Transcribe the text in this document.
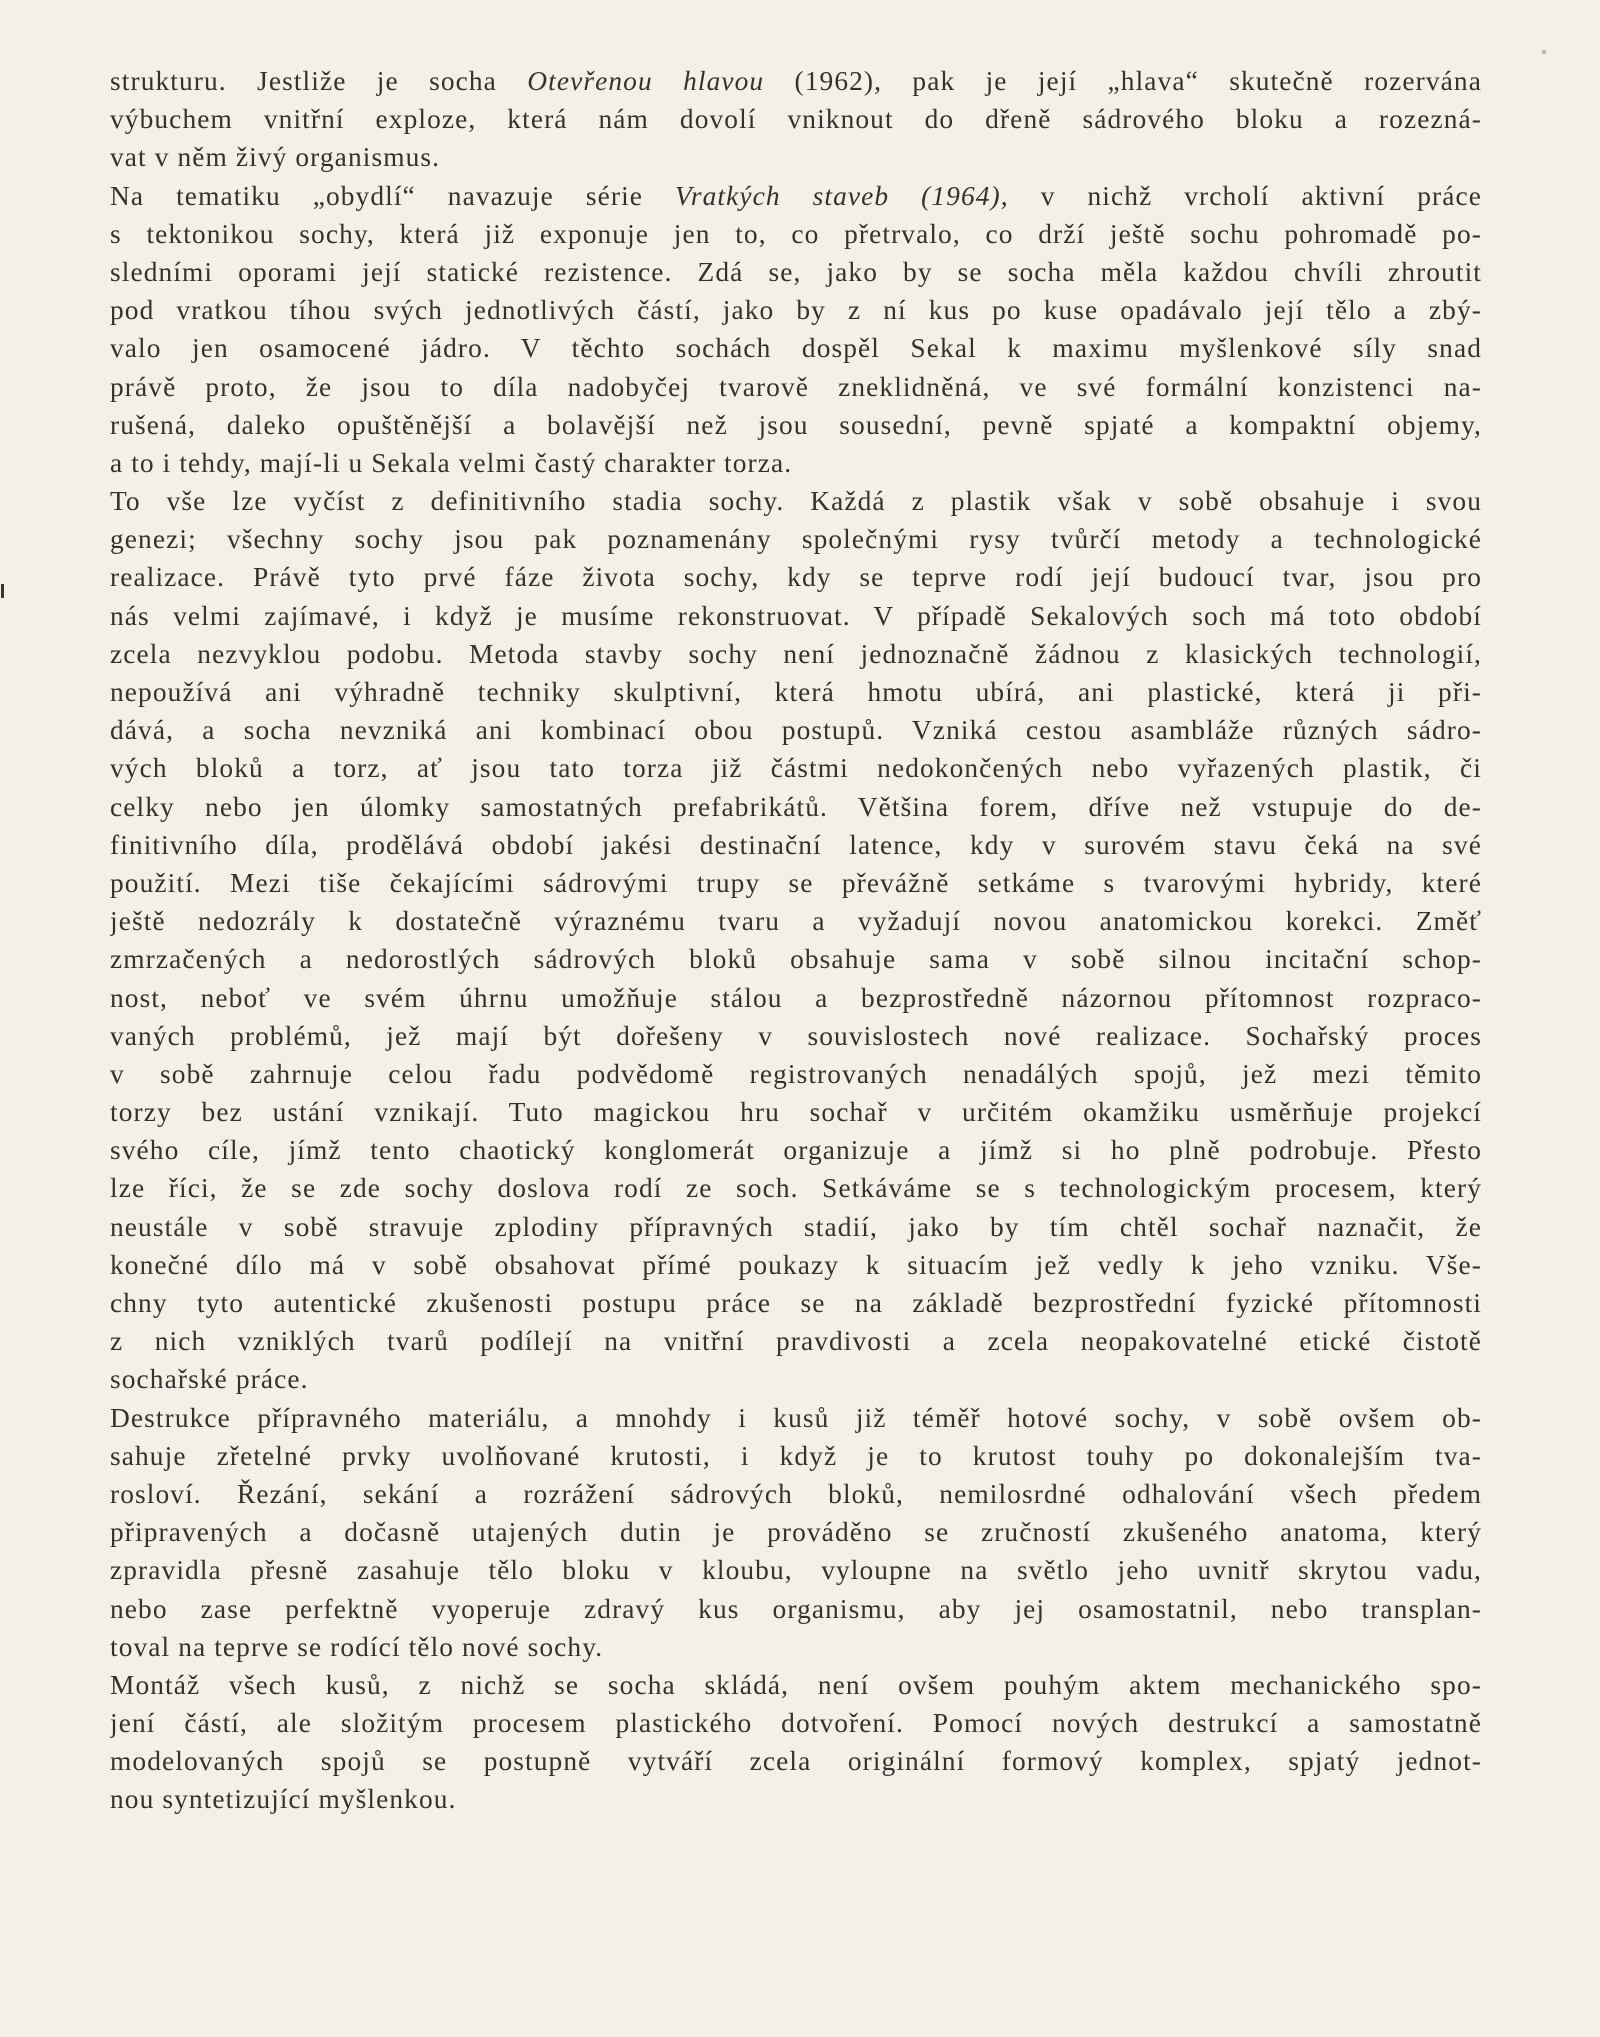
strukturu. Jestliže je socha Otevřenou hlavou (1962), pak je její „hlava“ skutečně rozervána
výbuchem vnitřní exploze, která nám dovolí vniknout do dřeně sádrového bloku a rozezná-
vat v něm živý organismus.
Na tematiku „obydlí“ navazuje série Vratkých staveb (1964), v nichž vrcholí aktivní práce
s tektonikou sochy, která již exponuje jen to, co přetrvalo, co drží ještě sochu pohromadě po-
sledními oporami její statické rezistence. Zdá se, jako by se socha měla každou chvíli zhroutit
pod vratkou tíhou svých jednotlivých částí, jako by z ní kus po kuse opadávalo její tělo a zbý-
valo jen osamocené jádro. V těchto sochách dospěl Sekal k maximu myšlenkové síly snad
právě proto, že jsou to díla nadobyčej tvarově zneklidněná, ve své formální konzistenci na-
rušená, daleko opuštěnější a bolavější než jsou sousední, pevně spjaté a kompaktní objemy,
a to i tehdy, mají-li u Sekala velmi častý charakter torza.
To vše lze vyčíst z definitivního stadia sochy. Každá z plastik však v sobě obsahuje i svou
genezi; všechny sochy jsou pak poznamenány společnými rysy tvůrčí metody a technologické
realizace. Právě tyto prvé fáze života sochy, kdy se teprve rodí její budoucí tvar, jsou pro
nás velmi zajímavé, i když je musíme rekonstruovat. V případě Sekalových soch má toto období
zcela nezvyklou podobu. Metoda stavby sochy není jednoznačně žádnou z klasických technologií,
nepoužívá ani výhradně techniky skulptivní, která hmotu ubírá, ani plastické, která ji při-
dává, a socha nevzniká ani kombinací obou postupů. Vzniká cestou asambláže různých sádro-
vých bloků a torz, ať jsou tato torza již částmi nedokončených nebo vyřazených plastik, či
celky nebo jen úlomky samostatných prefabrikátů. Většina forem, dříve než vstupuje do de-
finitivního díla, prodělává období jakési destinační latence, kdy v surovém stavu čeká na své
použití. Mezi tiše čekajícími sádrovými trupy se převážně setkáme s tvarovými hybridy, které
ještě nedozrály k dostatečně výraznému tvaru a vyžadují novou anatomickou korekci. Změť
zmrzačených a nedorostlých sádrových bloků obsahuje sama v sobě silnou incitační schop-
nost, neboť ve svém úhrnu umožňuje stálou a bezprostředně názornou přítomnost rozpraco-
vaných problémů, jež mají být dořešeny v souvislostech nové realizace. Sochařský proces
v sobě zahrnuje celou řadu podvědomě registrovaných nenadálých spojů, jež mezi těmito
torzy bez ustání vznikají. Tuto magickou hru sochař v určitém okamžiku usměrňuje projekcí
svého cíle, jímž tento chaotický konglomerát organizuje a jímž si ho plně podrobuje. Přesto
lze říci, že se zde sochy doslova rodí ze soch. Setkáváme se s technologickým procesem, který
neustále v sobě stravuje zplodiny přípravných stadií, jako by tím chtěl sochař naznačit, že
konečné dílo má v sobě obsahovat přímé poukazy k situacím jež vedly k jeho vzniku. Vše-
chny tyto autentické zkušenosti postupu práce se na základě bezprostřední fyzické přítomnosti
z nich vzniklých tvarů podílejí na vnitřní pravdivosti a zcela neopakovatelné etické čistotě
sochařské práce.
Destrukce přípravného materiálu, a mnohdy i kusů již téměř hotové sochy, v sobě ovšem ob-
sahuje zřetelné prvky uvolňované krutosti, i když je to krutost touhy po dokonalejším tva-
rosloví. Řezání, sekání a rozrážení sádrových bloků, nemilosrdné odhalování všech předem
připravených a dočasně utajených dutin je prováděno se zručností zkušeného anatoma, který
zpravidla přesně zasahuje tělo bloku v kloubu, vyloupne na světlo jeho uvnitř skrytou vadu,
nebo zase perfektně vyoperuje zdravý kus organismu, aby jej osamostatnil, nebo transplan-
toval na teprve se rodící tělo nové sochy.
Montáž všech kusů, z nichž se socha skládá, není ovšem pouhým aktem mechanického spo-
jení částí, ale složitým procesem plastického dotvoření. Pomocí nových destrukcí a samostatně
modelovaných spojů se postupně vytváří zcela originální formový komplex, spjatý jednot-
nou syntetizující myšlenkou.
